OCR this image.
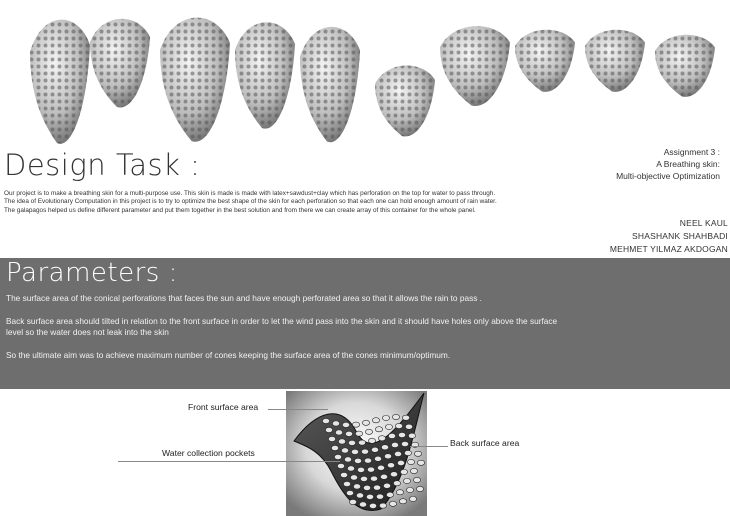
Design Task :	Assignment 3 :
A Breathing skin:
Multi-objective Optimization

Our project is to make a breathing skin for a multi-purpose use. This skin is made is made with latex+sawdust+clay which has perforation on the top for water to pass through.

The idea of Evolutionary Computation in this project is to try to optimize the best shape of the skin for each perforation so that each one can hold enough amount of rain water.

The galapagos helped us define different parameter and put them together in the best solution and from there we can create array of this container for the whole panel.

NEEL KAUL
SHASHANK SHAHBADI
MEHMET YILMAZ AKDOGAN
Parameters :

The surface area of the conical perforations that faces the sun and have enough perforated area so that it allows the rain to pass .

Back surface area should tilted in relation to the front surface in order to let the wind pass into the skin and it should have holes only above the surface level so the water does not leak into the skin

So the ultimate aim was to achieve maximum number of cones keeping the surface area of the cones minimum/optimum.

Front surface area
Water collection pockets
Back surface area
